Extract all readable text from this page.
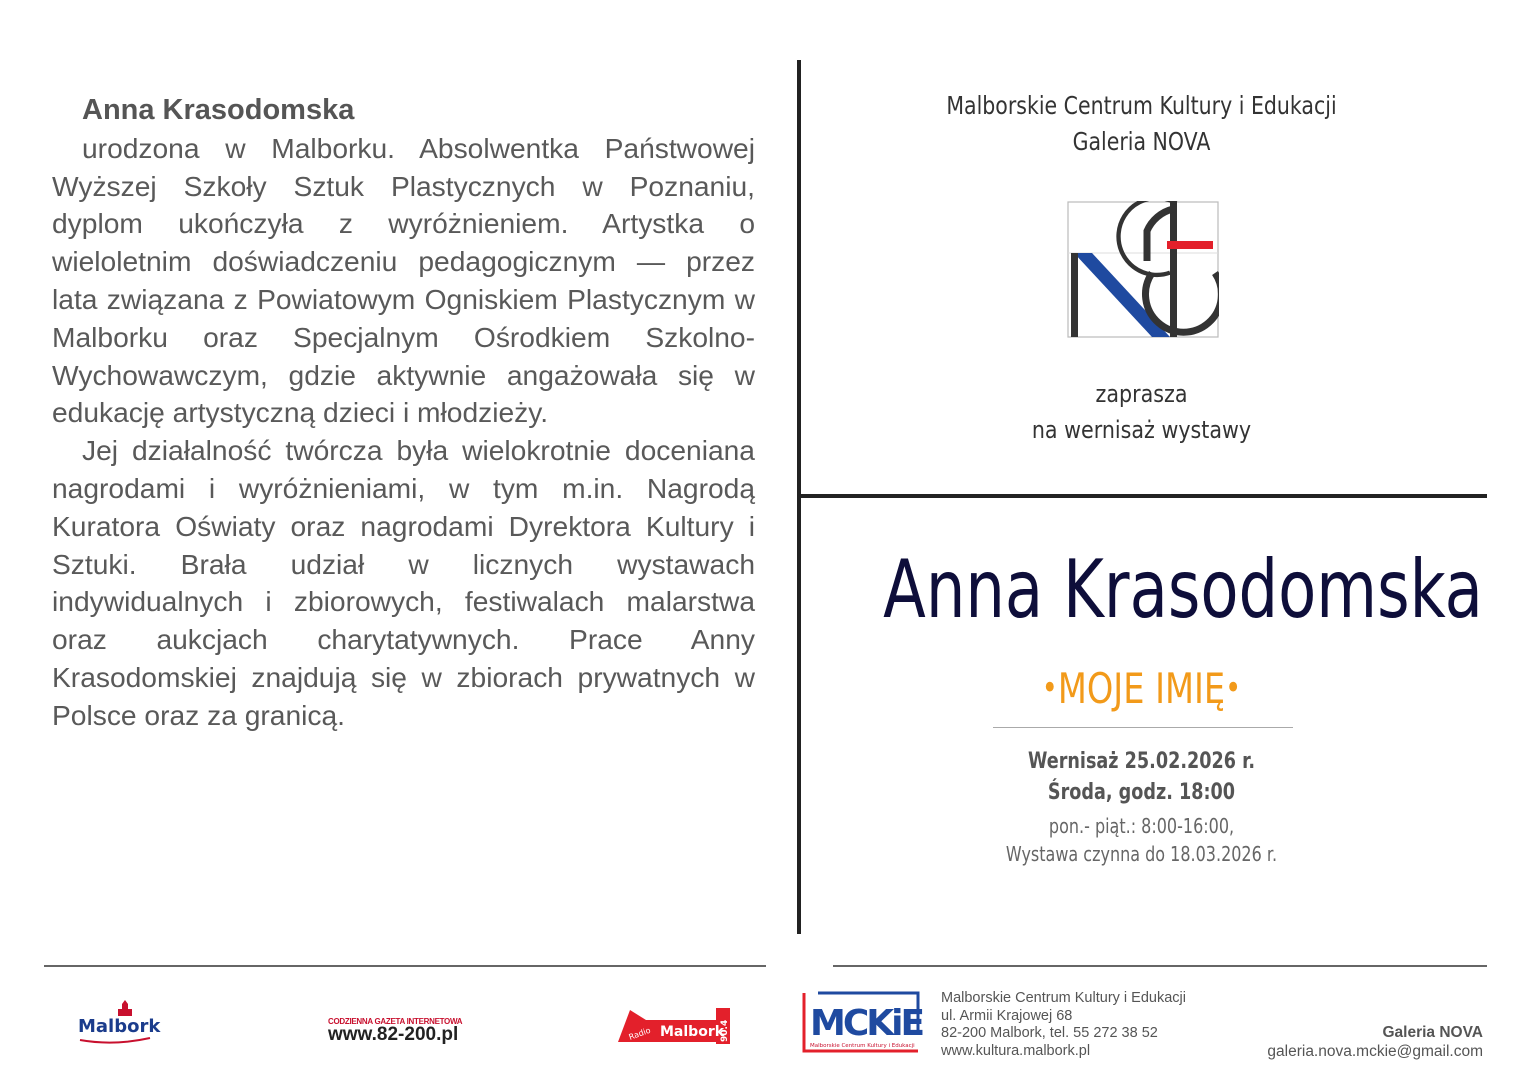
Anna Krasodomska

urodzona w Malborku. Absolwentka Państwowej Wyższej Szkoły Sztuk Plastycznych w Poznaniu, dyplom ukończyła z wyróżnieniem. Artystka o wieloletnim doświadczeniu pedagogicznym — przez lata związana z Powiatowym Ogniskiem Plastycznym w Malborku oraz Specjalnym Ośrodkiem Szkolno-Wychowawczym, gdzie aktywnie angażowała się w edukację artystyczną dzieci i młodzieży.

Jej działalność twórcza była wielokrotnie doceniana nagrodami i wyróżnieniami, w tym m.in. Nagrodą Kuratora Oświaty oraz nagrodami Dyrektora Kultury i Sztuki. Brała udział w licznych wystawach indywidualnych i zbiorowych, festiwalach malarstwa oraz aukcjach charytatywnych. Prace Anny Krasodomskiej znajdują się w zbiorach prywatnych w Polsce oraz za granicą.

Malborskie Centrum Kultury i Edukacji
Galeria NOVA
zaprasza
na wernisaż wystawy
Anna Krasodomska
•MOJE IMIĘ•
Wernisaż 25.02.2026 r.
Środa, godz. 18:00
pon.- piąt.: 8:00-16:00,
Wystawa czynna do 18.03.2026 r.
Malbork	CODZIENNA GAZETA INTERNETOWA
www.82-200.pl	Malbork
Radio	90.4 MCKiE
Malborskie Centrum Kultury i Edukacji
Malborskie Centrum Kultury i Edukacji
ul. Armii Krajowej 68
82-200 Malbork, tel. 55 272 38 52
www.kultura.malbork.pl
Galeria NOVA
galeria.nova.mckie@gmail.com
